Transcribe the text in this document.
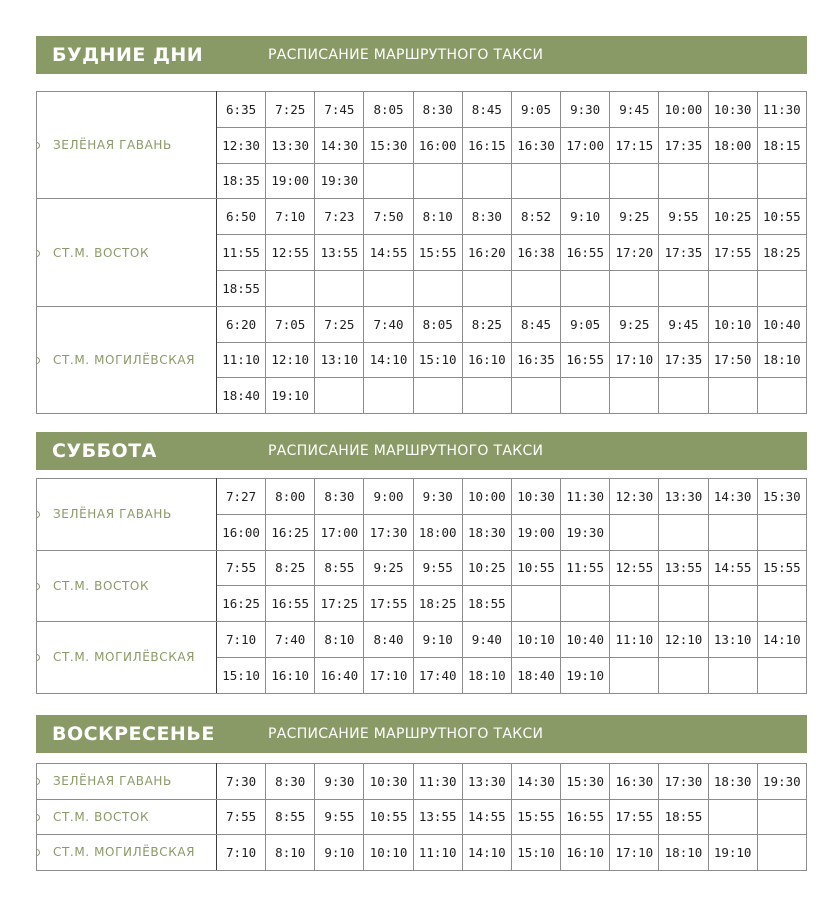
БУДНИЕ ДНИ	РАСПИСАНИЕ МАРШРУТНОГО ТАКСИ
ЗЕЛЁНАЯ ГАВАНЬ	6:35	7:25	7:45	8:05	8:30	8:45	9:05	9:30	9:45	10:00	10:30	11:30
	12:30	13:30	14:30	15:30	16:00	16:15	16:30	17:00	17:15	17:35	18:00	18:15
	18:35	19:00	19:30									
СТ.М. ВОСТОК	6:50	7:10	7:23	7:50	8:10	8:30	8:52	9:10	9:25	9:55	10:25	10:55
	11:55	12:55	13:55	14:55	15:55	16:20	16:38	16:55	17:20	17:35	17:55	18:25
	18:55											
СТ.М. МОГИЛЁВСКАЯ	6:20	7:05	7:25	7:40	8:05	8:25	8:45	9:05	9:25	9:45	10:10	10:40
	11:10	12:10	13:10	14:10	15:10	16:10	16:35	16:55	17:10	17:35	17:50	18:10
	18:40	19:10										
СУББОТА	РАСПИСАНИЕ МАРШРУТНОГО ТАКСИ
ЗЕЛЁНАЯ ГАВАНЬ	7:27	8:00	8:30	9:00	9:30	10:00	10:30	11:30	12:30	13:30	14:30	15:30
	16:00	16:25	17:00	17:30	18:00	18:30	19:00	19:30				
СТ.М. ВОСТОК	7:55	8:25	8:55	9:25	9:55	10:25	10:55	11:55	12:55	13:55	14:55	15:55
	16:25	16:55	17:25	17:55	18:25	18:55						
СТ.М. МОГИЛЁВСКАЯ	7:10	7:40	8:10	8:40	9:10	9:40	10:10	10:40	11:10	12:10	13:10	14:10
	15:10	16:10	16:40	17:10	17:40	18:10	18:40	19:10				
ВОСКРЕСЕНЬЕ	РАСПИСАНИЕ МАРШРУТНОГО ТАКСИ
ЗЕЛЁНАЯ ГАВАНЬ	7:30	8:30	9:30	10:30	11:30	13:30	14:30	15:30	16:30	17:30	18:30	19:30
СТ.М. ВОСТОК	7:55	8:55	9:55	10:55	13:55	14:55	15:55	16:55	17:55	18:55		
СТ.М. МОГИЛЁВСКАЯ	7:10	8:10	9:10	10:10	11:10	14:10	15:10	16:10	17:10	18:10	19:10	
